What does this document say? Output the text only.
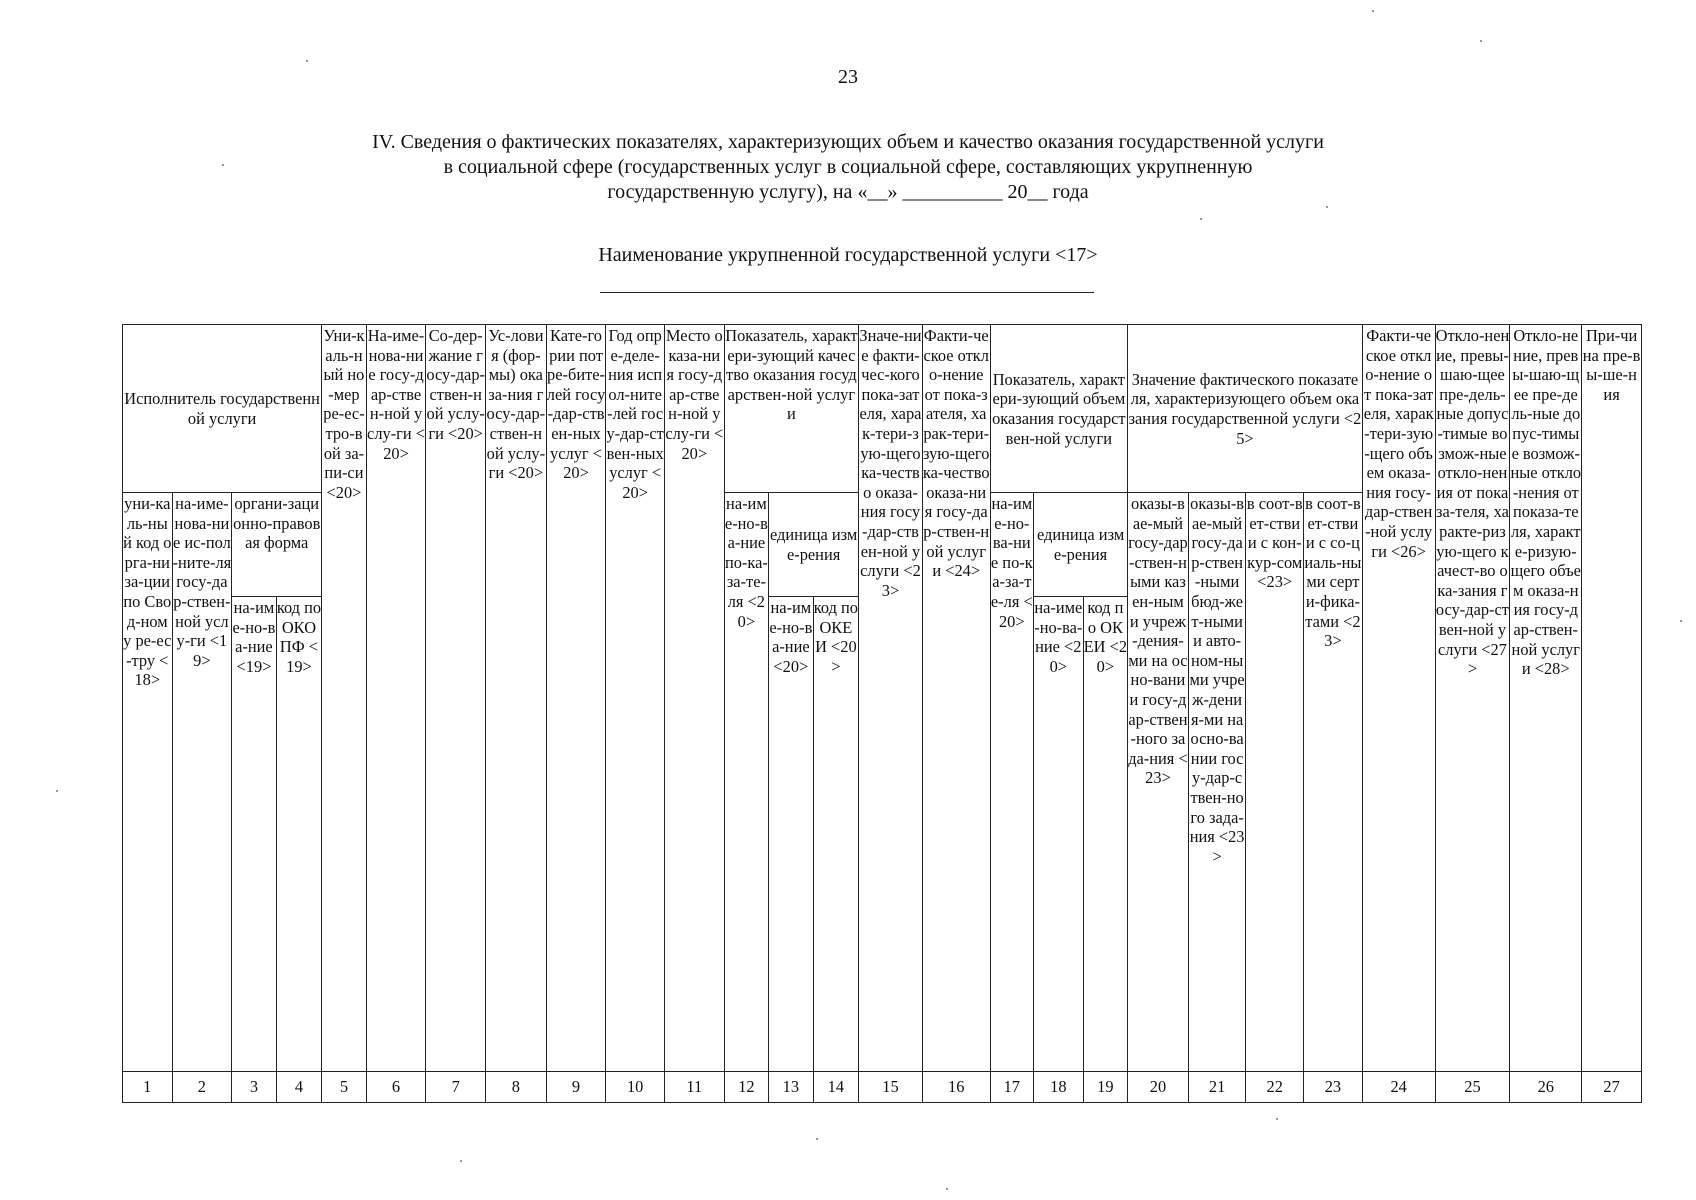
23
IV. Сведения о фактических показателях, характеризующих объем и качество оказания государственной услуги
в социальной сфере (государственных услуг в социальной сфере, составляющих укрупненную
государственную услугу), на «__» __________ 20__ года
Наименование укрупненной государственной услуги <17>
Исполнитель государственной услуги				Уни-каль-ный но-мер ре-ес-тро-вой за-пи-си <20>	На-име-нова-ние госу-дар-ствен-ной услу-ги <20>	Со-дер-жание госу-дар-ствен-ной услу-ги <20>	Ус-ловия (фор-мы) оказа-ния госу-дар-ствен-ной услу-ги <20>	Кате-гории потре-бите-лей госу-дар-ствен-ных услуг <20>	Год опре-деле-ния испол-ните-лей госу-дар-ствен-ных услуг <20>	Место оказа-ния госу-дар-ствен-ной услу-ги <20>	Показатель, характери-зующий качество оказания государствен-ной услуги			Значе-ние факти-чес-кого пока-зателя, харак-тери-зую-щего ка-чество оказа-ния госу-дар-ствен-ной услуги <23>	Факти-ческое откло-нение от пока-зателя, харак-тери-зую-щего ка-чество оказа-ния госу-дар-ствен-ной услуги <24>	Показатель, характери-зующий объем оказания государствен-ной услуги			Значение фактического показателя, характеризующего объем оказания государственной услуги <25>				Факти-ческое откло-нение от пока-зателя, харак-тери-зую-щего объем оказа-ния госу-дар-ствен-ной услуги <26>	Откло-нение, превы-шаю-щее пре-дель-ные допус-тимые возмож-ные откло-нения от показа-теля, характе-ризую-щего качест-во ока-зания госу-дар-ствен-ной услуги <27>	Откло-нение, превы-шаю-щее пре-дель-ные допус-тимые возмож-ные откло-нения от показа-теля, характе-ризую-щего объем оказа-ния госу-дар-ствен-ной услуги <28>	При-чина пре-вы-ше-ния
уни-каль-ный код орга-низа-ции по Свод-ному ре-ес-тру <18>	на-име-нова-ние ис-пол-ните-ля госу-дар-ствен-ной услу-ги <19>	органи-зационно-правовая форма									на-име-но-ва-ние по-ка-за-те-ля <20>	единица изме-рения				на-име-но-ва-ние по-ка-за-те-ля <20>	единица изме-рения		оказы-вае-мый госу-дар-ствен-ными казен-ными учреж-дения-ми на осно-вании госу-дар-ствен-ного зада-ния <23>	оказы-вае-мый госу-дар-ствен-ными бюд-жет-ными и авто-ном-ными учреж-дения-ми на осно-вании госу-дар-ствен-ного зада-ния <23>	в соот-вет-ствии с кон-кур-сом <23>	в соот-вет-ствии с со-циаль-ными серти-фика-тами <23>				
		на-име-но-ва-ние <19>	код по ОКО ПФ <19>									на-име-но-ва-ние <20>	код по ОКЕИ <20>				на-име-но-ва-ние <20>	код по ОКЕИ <20>								
1	2	3	4	5	6	7	8	9	10	11	12	13	14	15	16	17	18	19	20	21	22	23	24	25	26	27
